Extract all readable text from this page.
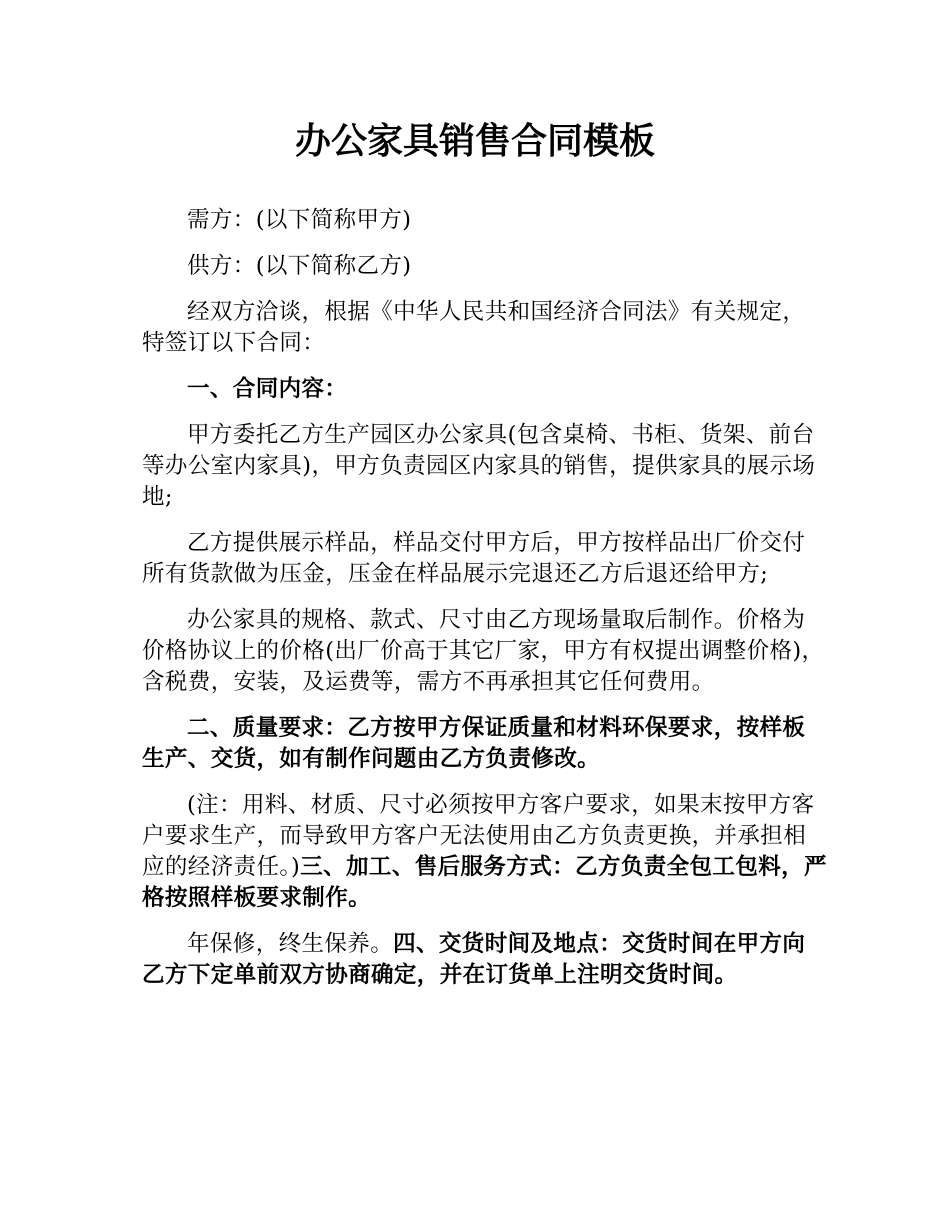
办公家具销售合同模板

需方：(以下简称甲方)

供方：(以下简称乙方)

经双方洽谈，根据《中华人民共和国经济合同法》有关规定，特签订以下合同：

一、合同内容：

甲方委托乙方生产园区办公家具(包含桌椅、书柜、货架、前台等办公室内家具)，甲方负责园区内家具的销售，提供家具的展示场地;

乙方提供展示样品，样品交付甲方后，甲方按样品出厂价交付所有货款做为压金，压金在样品展示完退还乙方后退还给甲方;

办公家具的规格、款式、尺寸由乙方现场量取后制作。价格为价格协议上的价格(出厂价高于其它厂家，甲方有权提出调整价格)，含税费，安装，及运费等，需方不再承担其它任何费用。

二、质量要求：乙方按甲方保证质量和材料环保要求，按样板生产、交货，如有制作问题由乙方负责修改。

(注：用料、材质、尺寸必须按甲方客户要求，如果末按甲方客户要求生产，而导致甲方客户无法使用由乙方负责更换，并承担相应的经济责任。)三、加工、售后服务方式：乙方负责全包工包料，严格按照样板要求制作。

年保修，终生保养。四、交货时间及地点：交货时间在甲方向乙方下定单前双方协商确定，并在订货单上注明交货时间。
